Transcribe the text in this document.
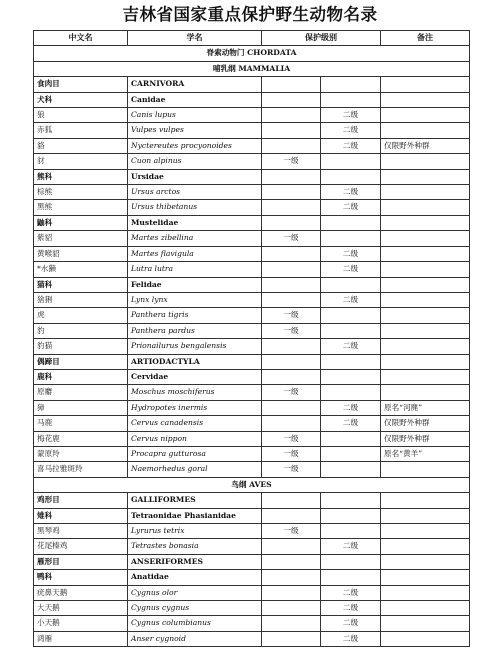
吉林省国家重点保护野生动物名录
中文名	学名	保护级别		备注
脊索动物门 CHORDATA				
哺乳纲 MAMMALIA				
食肉目	CARNIVORA			
犬科	Canidae			
狼	Canis lupus		二级	
赤狐	Vulpes vulpes		二级	
貉	Nyctereutes procyonoides		二级	仅限野外种群
豺	Cuon alpinus	一级		
熊科	Ursidae			
棕熊	Ursus arctos		二级	
黑熊	Ursus thibetanus		二级	
鼬科	Mustelidae			
紫貂	Martes zibellina	一级		
黄喉貂	Martes flavigula		二级	
*水獭	Lutra lutra		二级	
猫科	Felidae			
猞猁	Lynx lynx		二级	
虎	Panthera tigris	一级		
豹	Panthera pardus	一级		
豹猫	Prionailurus bengalensis		二级	
偶蹄目	ARTIODACTYLA			
鹿科	Cervidae			
原麝	Moschus moschiferus	一级		
獐	Hydropotes inermis		二级	原名“河麂”
马鹿	Cervus canadensis		二级	仅限野外种群
梅花鹿	Cervus nippon	一级		仅限野外种群
蒙原羚	Procapra gutturosa	一级		原名“黄羊”
喜马拉雅斑羚	Naemorhedus goral	一级		
鸟纲 AVES				
鸡形目	GALLIFORMES			
雉科	Tetraonidae Phasianidae			
黑琴鸡	Lyrurus tetrix	一级		
花尾榛鸡	Tetrastes bonasia		二级	
雁形目	ANSERIFORMES			
鸭科	Anatidae			
疣鼻天鹅	Cygnus olor		二级	
大天鹅	Cygnus cygnus		二级	
小天鹅	Cygnus columbianus		二级	
鸿雁	Anser cygnoid		二级	
